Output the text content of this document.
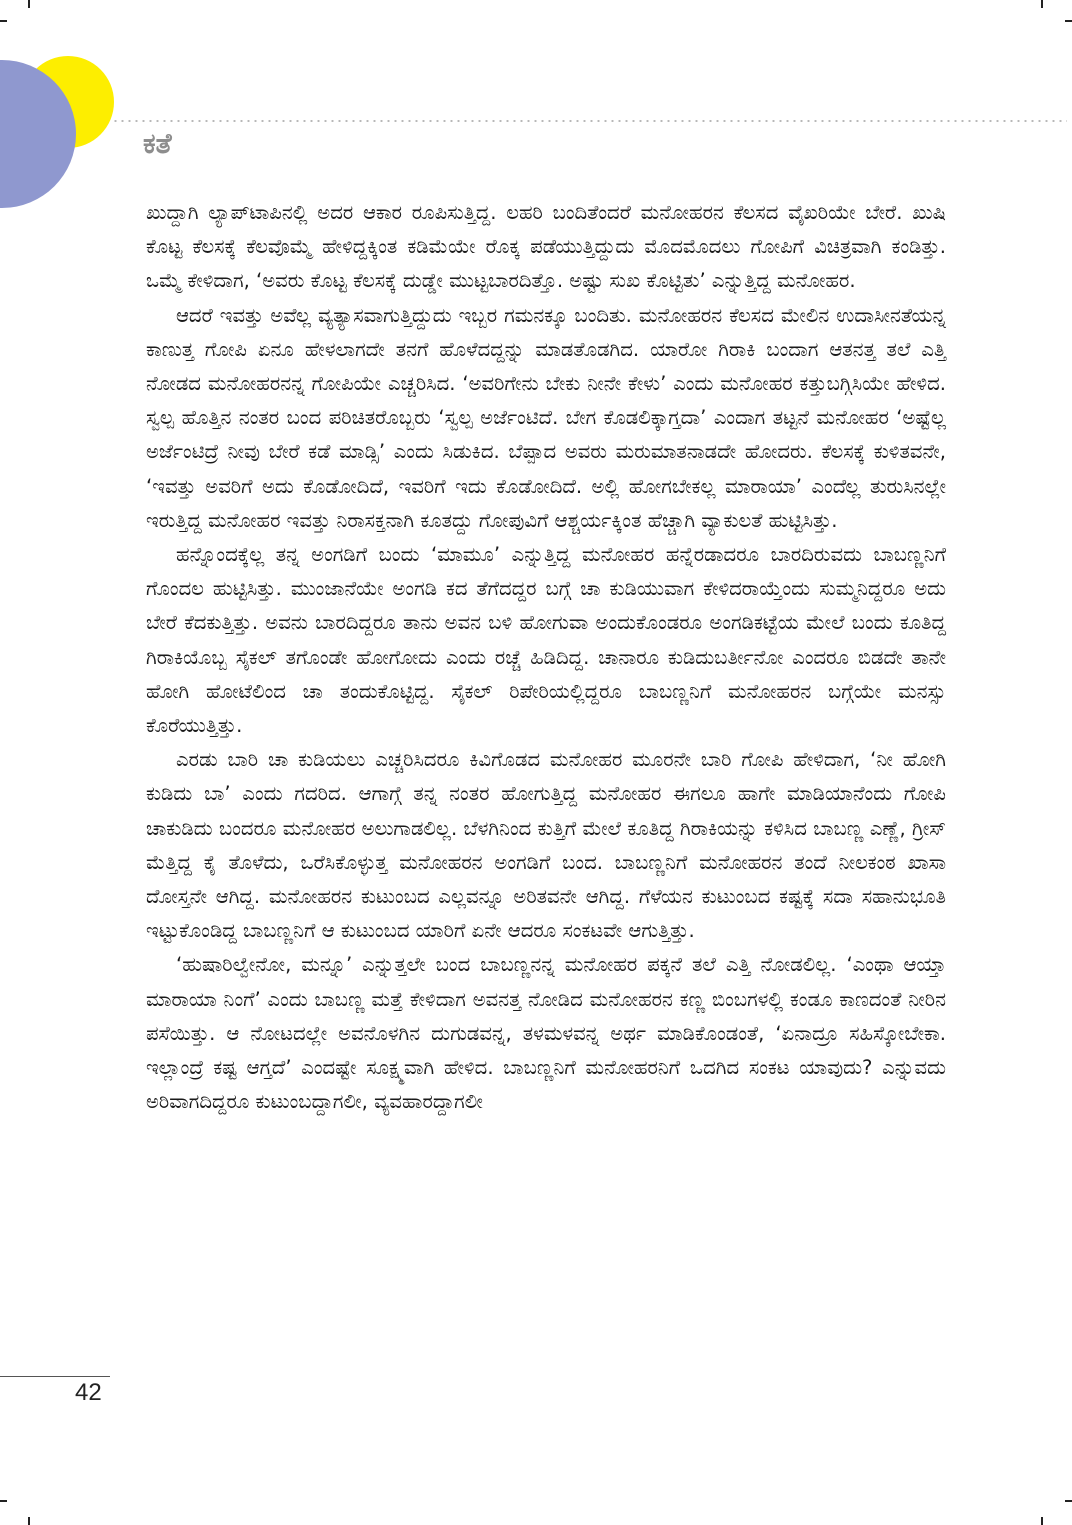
ಕತೆ

ಖುದ್ದಾಗಿ ಲ್ಯಾಪ್‌ಟಾಪಿನಲ್ಲಿ ಅದರ ಆಕಾರ ರೂಪಿಸುತ್ತಿದ್ದ. ಲಹರಿ ಬಂದಿತೆಂದರೆ ಮನೋಹರನ ಕೆಲಸದ ವೈಖರಿಯೇ ಬೇರೆ. ಖುಷಿ ಕೊಟ್ಟ ಕೆಲಸಕ್ಕೆ ಕೆಲವೊಮ್ಮೆ ಹೇಳಿದ್ದಕ್ಕಿಂತ ಕಡಿಮೆಯೇ ರೊಕ್ಕ ಪಡೆಯುತ್ತಿದ್ದುದು ಮೊದಮೊದಲು ಗೋಪಿಗೆ ವಿಚಿತ್ರವಾಗಿ ಕಂಡಿತ್ತು. ಒಮ್ಮೆ ಕೇಳಿದಾಗ, ‘ಅವರು ಕೊಟ್ಟ ಕೆಲಸಕ್ಕೆ ದುಡ್ಡೇ ಮುಟ್ಟಬಾರದಿತ್ತೊ. ಅಷ್ಟು ಸುಖ ಕೊಟ್ಟಿತು’ ಎನ್ನುತ್ತಿದ್ದ ಮನೋಹರ.

ಆದರೆ ಇವತ್ತು ಅವೆಲ್ಲ ವ್ಯತ್ಯಾಸವಾಗುತ್ತಿದ್ದುದು ಇಬ್ಬರ ಗಮನಕ್ಕೂ ಬಂದಿತು. ಮನೋಹರನ ಕೆಲಸದ ಮೇಲಿನ ಉದಾಸೀನತೆಯನ್ನ ಕಾಣುತ್ತ ಗೋಪಿ ಏನೂ ಹೇಳಲಾಗದೇ ತನಗೆ ಹೊಳೆದದ್ದನ್ನು ಮಾಡತೊಡಗಿದ. ಯಾರೋ ಗಿರಾಕಿ ಬಂದಾಗ ಆತನತ್ತ ತಲೆ ಎತ್ತಿ ನೋಡದ ಮನೋಹರನನ್ನ ಗೋಪಿಯೇ ಎಚ್ಚರಿಸಿದ. ‘ಅವರಿಗೇನು ಬೇಕು ನೀನೇ ಕೇಳು’ ಎಂದು ಮನೋಹರ ಕತ್ತುಬಗ್ಗಿಸಿಯೇ ಹೇಳಿದ. ಸ್ವಲ್ಪ ಹೊತ್ತಿನ ನಂತರ ಬಂದ ಪರಿಚಿತರೊಬ್ಬರು ‘ಸ್ವಲ್ಪ ಅರ್ಜೆಂಟಿದೆ. ಬೇಗ ಕೊಡಲಿಕ್ಕಾಗ್ತದಾ’ ಎಂದಾಗ ತಟ್ಟನೆ ಮನೋಹರ ‘ಅಷ್ಟೆಲ್ಲ ಅರ್ಜೆಂಟಿದ್ರೆ ನೀವು ಬೇರೆ ಕಡೆ ಮಾಡ್ಸಿ’ ಎಂದು ಸಿಡುಕಿದ. ಬೆಪ್ಪಾದ ಅವರು ಮರುಮಾತನಾಡದೇ ಹೋದರು. ಕೆಲಸಕ್ಕೆ ಕುಳಿತವನೇ, ‘ಇವತ್ತು ಅವರಿಗೆ ಅದು ಕೊಡೋದಿದೆ, ಇವರಿಗೆ ಇದು ಕೊಡೋದಿದೆ. ಅಲ್ಲಿ ಹೋಗಬೇಕಲ್ಲ ಮಾರಾಯಾ’ ಎಂದೆಲ್ಲ ತುರುಸಿನಲ್ಲೇ ಇರುತ್ತಿದ್ದ ಮನೋಹರ ಇವತ್ತು ನಿರಾಸಕ್ತನಾಗಿ ಕೂತದ್ದು ಗೋಪುವಿಗೆ ಆಶ್ಚರ್ಯಕ್ಕಿಂತ ಹೆಚ್ಚಾಗಿ ವ್ಯಾಕುಲತೆ ಹುಟ್ಟಿಸಿತ್ತು.

ಹನ್ನೊಂದಕ್ಕೆಲ್ಲ ತನ್ನ ಅಂಗಡಿಗೆ ಬಂದು ‘ಮಾಮೂ’ ಎನ್ನುತ್ತಿದ್ದ ಮನೋಹರ ಹನ್ನೆರಡಾದರೂ ಬಾರದಿರುವದು ಬಾಬಣ್ಣನಿಗೆ ಗೊಂದಲ ಹುಟ್ಟಿಸಿತ್ತು. ಮುಂಜಾನೆಯೇ ಅಂಗಡಿ ಕದ ತೆಗೆದದ್ದರ ಬಗ್ಗೆ ಚಾ ಕುಡಿಯುವಾಗ ಕೇಳಿದರಾಯ್ತೆಂದು ಸುಮ್ಮನಿದ್ದರೂ ಅದು ಬೇರೆ ಕೆದಕುತ್ತಿತ್ತು. ಅವನು ಬಾರದಿದ್ದರೂ ತಾನು ಅವನ ಬಳಿ ಹೋಗುವಾ ಅಂದುಕೊಂಡರೂ ಅಂಗಡಿಕಟ್ಟೆಯ ಮೇಲೆ ಬಂದು ಕೂತಿದ್ದ ಗಿರಾಕಿಯೊಬ್ಬ ಸೈಕಲ್ ತಗೊಂಡೇ ಹೋಗೋದು ಎಂದು ರಚ್ಚೆ ಹಿಡಿದಿದ್ದ. ಚಾನಾರೂ ಕುಡಿದುಬರ್ತೀನೋ ಎಂದರೂ ಬಿಡದೇ ತಾನೇ ಹೋಗಿ ಹೋಟೆಲಿಂದ ಚಾ ತಂದುಕೊಟ್ಟಿದ್ದ. ಸೈಕಲ್ ರಿಪೇರಿಯಲ್ಲಿದ್ದರೂ ಬಾಬಣ್ಣನಿಗೆ ಮನೋಹರನ ಬಗ್ಗೆಯೇ ಮನಸ್ಸು ಕೊರೆಯುತ್ತಿತ್ತು.

ಎರಡು ಬಾರಿ ಚಾ ಕುಡಿಯಲು ಎಚ್ಚರಿಸಿದರೂ ಕಿವಿಗೊಡದ ಮನೋಹರ ಮೂರನೇ ಬಾರಿ ಗೋಪಿ ಹೇಳಿದಾಗ, ‘ನೀ ಹೋಗಿ ಕುಡಿದು ಬಾ’ ಎಂದು ಗದರಿದ. ಆಗಾಗ್ಗೆ ತನ್ನ ನಂತರ ಹೋಗುತ್ತಿದ್ದ ಮನೋಹರ ಈಗಲೂ ಹಾಗೇ ಮಾಡಿಯಾನೆಂದು ಗೋಪಿ ಚಾಕುಡಿದು ಬಂದರೂ ಮನೋಹರ ಅಲುಗಾಡಲಿಲ್ಲ. ಬೆಳಗಿನಿಂದ ಕುತ್ತಿಗೆ ಮೇಲೆ ಕೂತಿದ್ದ ಗಿರಾಕಿಯನ್ನು ಕಳಿಸಿದ ಬಾಬಣ್ಣ ಎಣ್ಣೆ, ಗ್ರೀಸ್ ಮೆತ್ತಿದ್ದ ಕೈ ತೊಳೆದು, ಒರೆಸಿಕೊಳ್ಳುತ್ತ ಮನೋಹರನ ಅಂಗಡಿಗೆ ಬಂದ. ಬಾಬಣ್ಣನಿಗೆ ಮನೋಹರನ ತಂದೆ ನೀಲಕಂಠ ಖಾಸಾ ದೋಸ್ತನೇ ಆಗಿದ್ದ. ಮನೋಹರನ ಕುಟುಂಬದ ಎಲ್ಲವನ್ನೂ ಅರಿತವನೇ ಆಗಿದ್ದ. ಗೆಳೆಯನ ಕುಟುಂಬದ ಕಷ್ಟಕ್ಕೆ ಸದಾ ಸಹಾನುಭೂತಿ ಇಟ್ಟುಕೊಂಡಿದ್ದ ಬಾಬಣ್ಣನಿಗೆ ಆ ಕುಟುಂಬದ ಯಾರಿಗೆ ಏನೇ ಆದರೂ ಸಂಕಟವೇ ಆಗುತ್ತಿತ್ತು.

‘ಹುಷಾರಿಲ್ವೇನೋ, ಮನ್ನೂ’ ಎನ್ನುತ್ತಲೇ ಬಂದ ಬಾಬಣ್ಣನನ್ನ ಮನೋಹರ ಪಕ್ಕನೆ ತಲೆ ಎತ್ತಿ ನೋಡಲಿಲ್ಲ. ‘ಎಂಥಾ ಆಯ್ತಾ ಮಾರಾಯಾ ನಿಂಗೆ’ ಎಂದು ಬಾಬಣ್ಣ ಮತ್ತೆ ಕೇಳಿದಾಗ ಅವನತ್ತ ನೋಡಿದ ಮನೋಹರನ ಕಣ್ಣ ಬಿಂಬಗಳಲ್ಲಿ ಕಂಡೂ ಕಾಣದಂತೆ ನೀರಿನ ಪಸೆಯಿತ್ತು. ಆ ನೋಟದಲ್ಲೇ ಅವನೊಳಗಿನ ದುಗುಡವನ್ನ, ತಳಮಳವನ್ನ ಅರ್ಥ ಮಾಡಿಕೊಂಡಂತೆ, ‘ಏನಾದ್ರೂ ಸಹಿಸ್ಕೋಬೇಕಾ. ಇಲ್ಲಾಂದ್ರೆ ಕಷ್ಟ ಆಗ್ತದೆ’ ಎಂದಷ್ಟೇ ಸೂಕ್ಷ್ಮವಾಗಿ ಹೇಳಿದ. ಬಾಬಣ್ಣನಿಗೆ ಮನೋಹರನಿಗೆ ಒದಗಿದ ಸಂಕಟ ಯಾವುದು? ಎನ್ನುವದು ಅರಿವಾಗದಿದ್ದರೂ ಕುಟುಂಬದ್ದಾಗಲೀ, ವ್ಯವಹಾರದ್ದಾಗಲೀ

42
